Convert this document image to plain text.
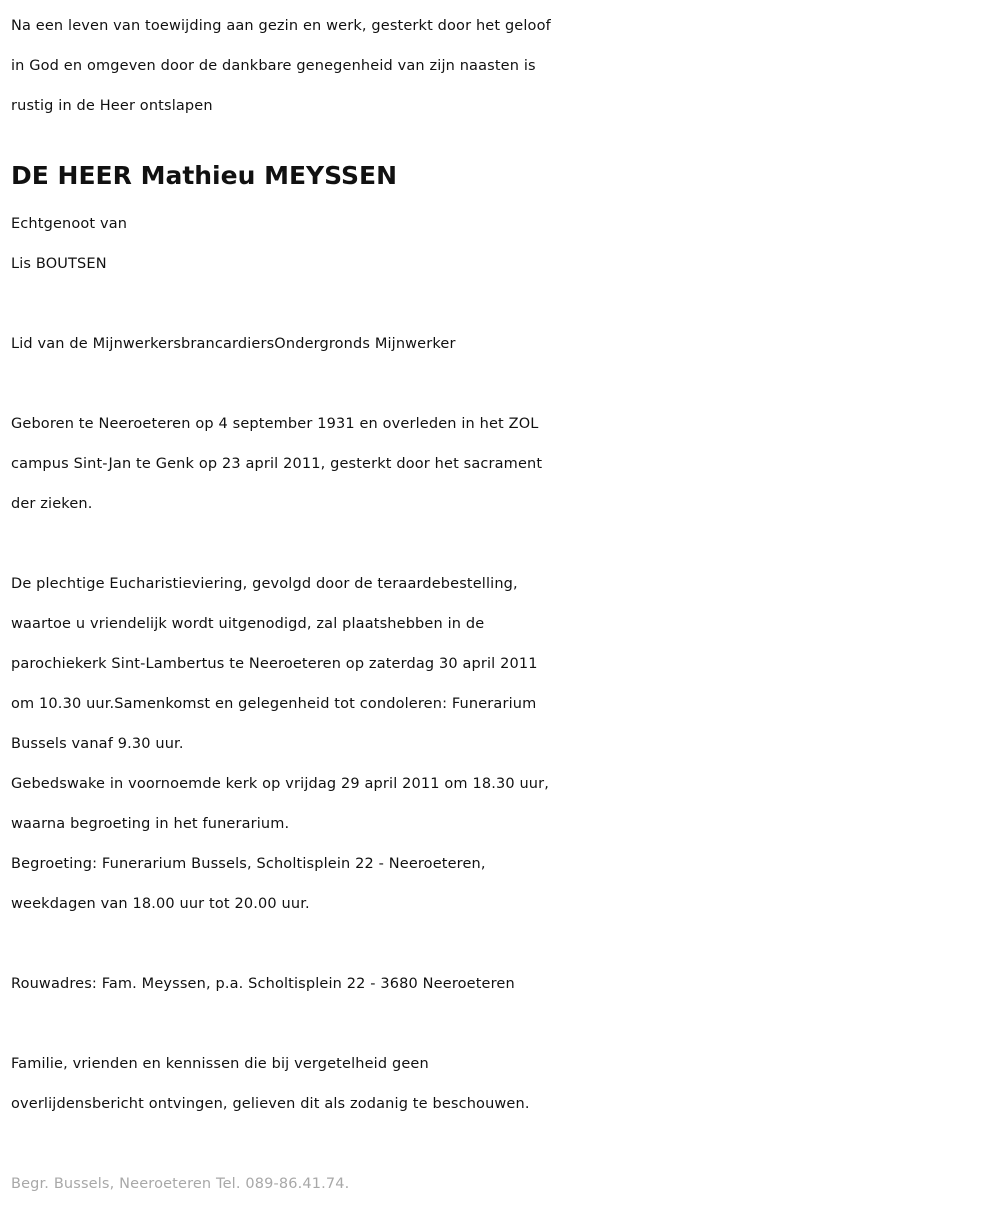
Na een leven van toewijding aan gezin en werk, gesterkt door het geloof
in God en omgeven door de dankbare genegenheid van zijn naasten is
rustig in de Heer ontslapen
DE HEER Mathieu MEYSSEN
Echtgenoot van
Lis BOUTSEN
Lid van de MijnwerkersbrancardiersOndergronds Mijnwerker
Geboren te Neeroeteren op 4 september 1931 en overleden in het ZOL
campus Sint-Jan te Genk op 23 april 2011, gesterkt door het sacrament
der zieken.
De plechtige Eucharistieviering, gevolgd door de teraardebestelling,
waartoe u vriendelijk wordt uitgenodigd, zal plaatshebben in de
parochiekerk Sint-Lambertus te Neeroeteren op zaterdag 30 april 2011
om 10.30 uur.Samenkomst en gelegenheid tot condoleren: Funerarium
Bussels vanaf 9.30 uur.
Gebedswake in voornoemde kerk op vrijdag 29 april 2011 om 18.30 uur,
waarna begroeting in het funerarium.
Begroeting: Funerarium Bussels, Scholtisplein 22 - Neeroeteren,
weekdagen van 18.00 uur tot 20.00 uur.
Rouwadres: Fam. Meyssen, p.a. Scholtisplein 22 - 3680 Neeroeteren
Familie, vrienden en kennissen die bij vergetelheid geen
overlijdensbericht ontvingen, gelieven dit als zodanig te beschouwen.
Begr. Bussels, Neeroeteren Tel. 089-86.41.74.
